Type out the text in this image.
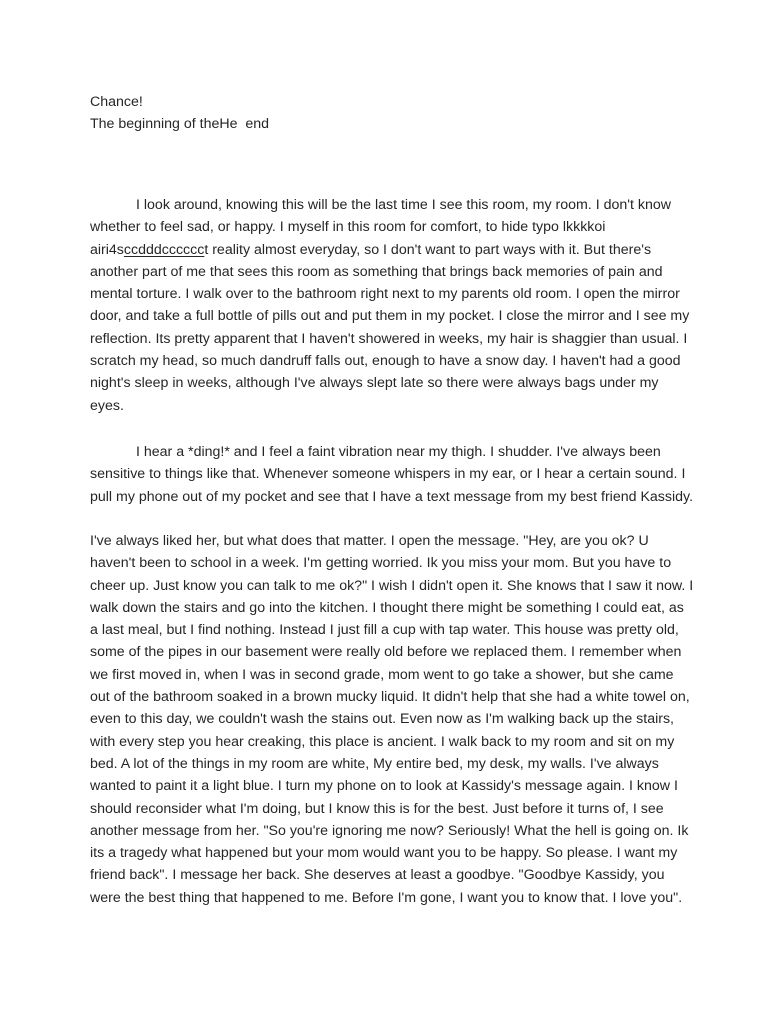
Chance!
The beginning of theHe  end
I look around, knowing this will be the last time I see this room, my room. I don't know
whether to feel sad, or happy. I myself in this room for comfort, to hide typo lkkkkoi
airi4sccdddcccccct reality almost everyday, so I don't want to part ways with it. But there's
another part of me that sees this room as something that brings back memories of pain and
mental torture. I walk over to the bathroom right next to my parents old room. I open the mirror
door, and take a full bottle of pills out and put them in my pocket. I close the mirror and I see my
reflection. Its pretty apparent that I haven't showered in weeks, my hair is shaggier than usual. I
scratch my head, so much dandruff falls out, enough to have a snow day. I haven't had a good
night's sleep in weeks, although I've always slept late so there were always bags under my
eyes.
I hear a *ding!* and I feel a faint vibration near my thigh. I shudder. I've always been
sensitive to things like that. Whenever someone whispers in my ear, or I hear a certain sound. I
pull my phone out of my pocket and see that I have a text message from my best friend Kassidy.
I've always liked her, but what does that matter. I open the message. "Hey, are you ok? U
haven't been to school in a week. I'm getting worried. Ik you miss your mom. But you have to
cheer up. Just know you can talk to me ok?" I wish I didn't open it. She knows that I saw it now. I
walk down the stairs and go into the kitchen. I thought there might be something I could eat, as
a last meal, but I find nothing. Instead I just fill a cup with tap water. This house was pretty old,
some of the pipes in our basement were really old before we replaced them. I remember when
we first moved in, when I was in second grade, mom went to go take a shower, but she came
out of the bathroom soaked in a brown mucky liquid. It didn't help that she had a white towel on,
even to this day, we couldn't wash the stains out. Even now as I'm walking back up the stairs,
with every step you hear creaking, this place is ancient. I walk back to my room and sit on my
bed. A lot of the things in my room are white, My entire bed, my desk, my walls. I've always
wanted to paint it a light blue. I turn my phone on to look at Kassidy's message again. I know I
should reconsider what I'm doing, but I know this is for the best. Just before it turns of, I see
another message from her. "So you're ignoring me now? Seriously! What the hell is going on. Ik
its a tragedy what happened but your mom would want you to be happy. So please. I want my
friend back". I message her back. She deserves at least a goodbye. "Goodbye Kassidy, you
were the best thing that happened to me. Before I'm gone, I want you to know that. I love you".
